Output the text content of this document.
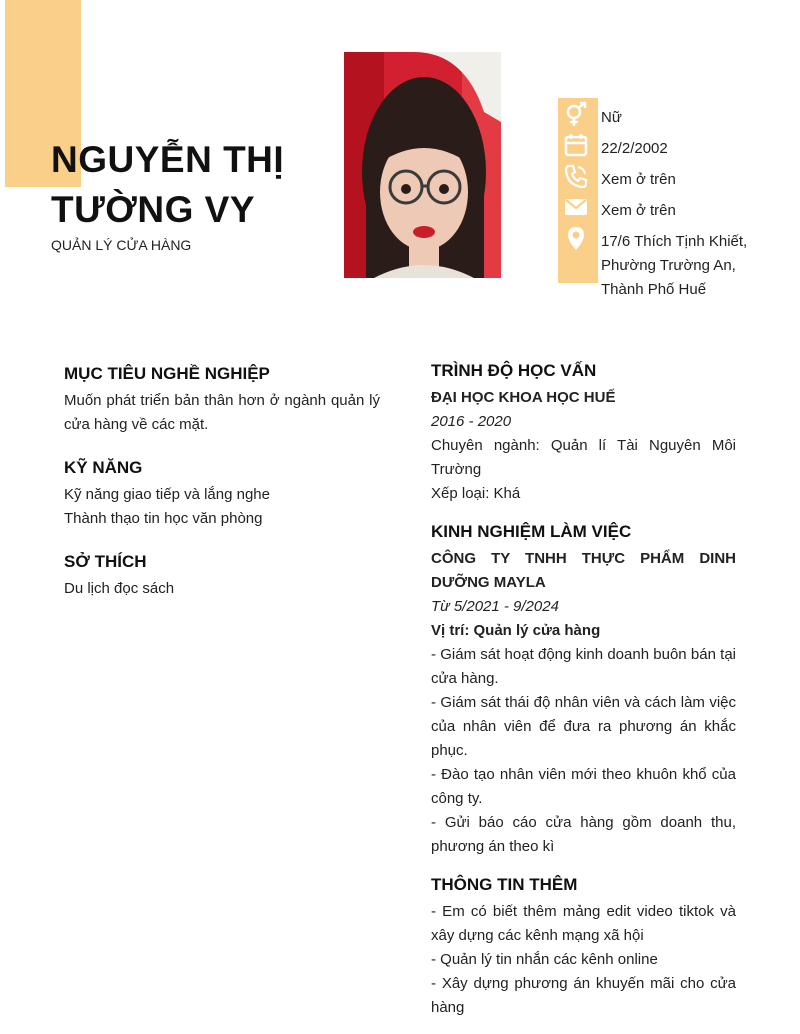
NGUYỄN THỊ
TƯỜNG VY
QUẢN LÝ CỬA HÀNG
Nữ
22/2/2002
Xem ở trên
Xem ở trên
17/6 Thích Tịnh Khiết, Phường Trường An, Thành Phố Huế
MỤC TIÊU NGHỀ NGHIỆP
Muốn phát triển bản thân hơn ở ngành quản lý cửa hàng về các mặt.
KỸ NĂNG
Kỹ năng giao tiếp và lắng nghe
Thành thạo tin học văn phòng
SỞ THÍCH
Du lịch đọc sách
TRÌNH ĐỘ HỌC VẤN
ĐẠI HỌC KHOA HỌC HUẾ
2016 - 2020
Chuyên ngành: Quản lí Tài Nguyên Môi Trường
Xếp loại: Khá
KINH NGHIỆM LÀM VIỆC
CÔNG TY TNHH THỰC PHẨM DINH DƯỠNG MAYLA
Từ 5/2021 - 9/2024
Vị trí: Quản lý cửa hàng
- Giám sát hoạt động kinh doanh buôn bán tại cửa hàng.
- Giám sát thái độ nhân viên và cách làm việc của nhân viên để đưa ra phương án khắc phục.
- Đào tạo nhân viên mới theo khuôn khổ của công ty.
- Gửi báo cáo cửa hàng gồm doanh thu, phương án theo kì
THÔNG TIN THÊM
- Em có biết thêm mảng edit video tiktok và xây dựng các kênh mạng xã hội
- Quản lý tin nhắn các kênh online
- Xây dựng phương án khuyến mãi cho cửa hàng
